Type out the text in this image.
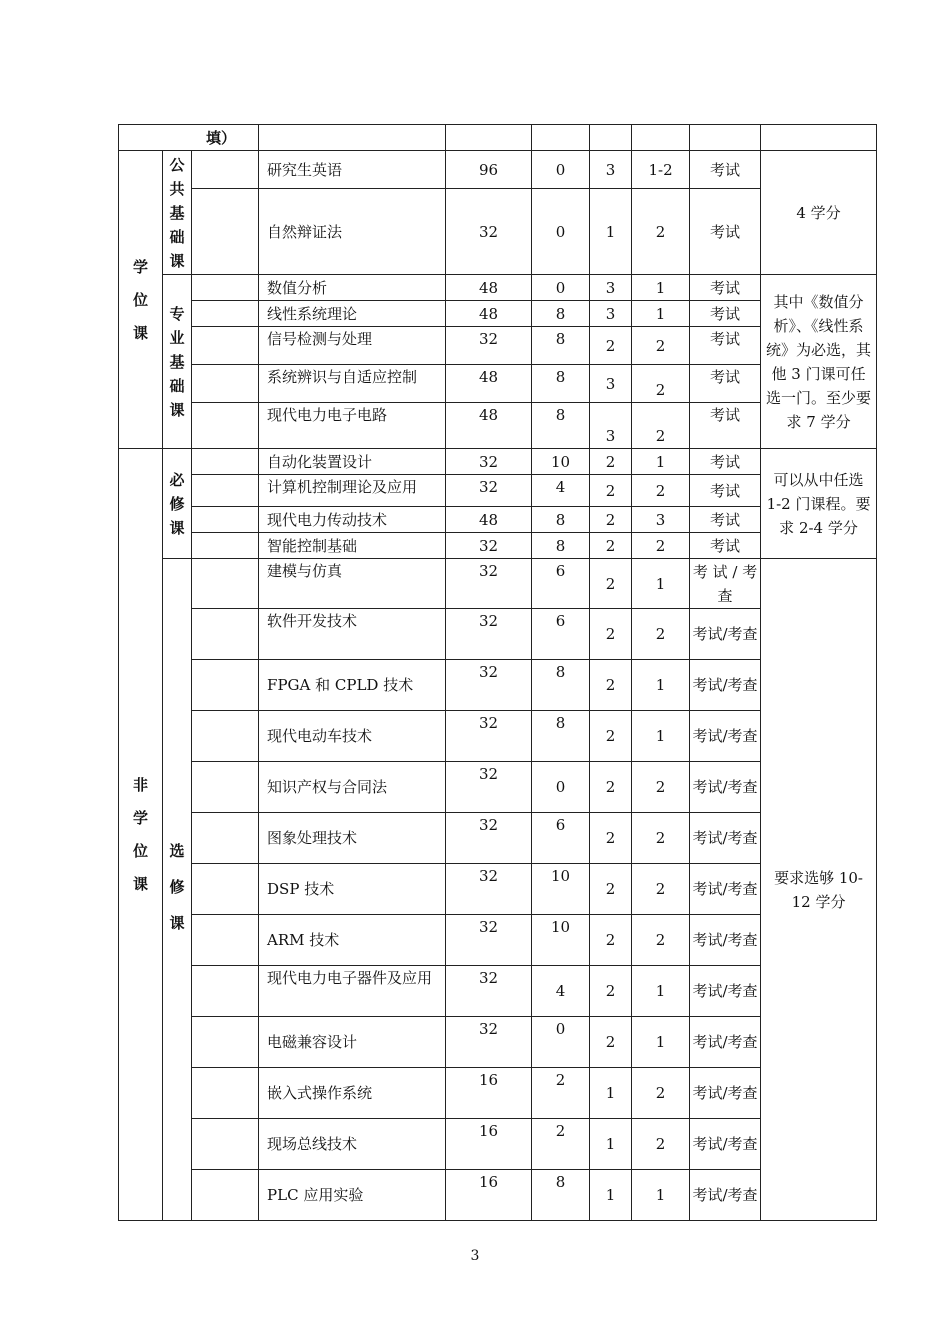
填）									

学
位
课	公
共
基
础
课		研究生英语	96	0	3	1-2	考试	4 学分
			自然辩证法	32	0	1	2	考试	

	专
业
基
础
课		数值分析	48	0	3	1	考试	其中《数值分析》、《线性系统》为必选，其他 3 门课可任选一门。至少要求 7 学分
			线性系统理论	48	8	3	1	考试	
			信号检测与处理	32	8	2	2	考试	
			系统辨识与自适应控制	48	8	3	2	考试	
			现代电力电子电路	48	8	3	2	考试	

非
学
位
课	必
修
课		自动化装置设计	32	10	2	1	考试	可以从中任选 1-2 门课程。要求 2-4 学分
			计算机控制理论及应用	32	4	2	2	考试	
			现代电力传动技术	48	8	2	3	考试	
			智能控制基础	32	8	2	2	考试	

	选
修
课		建模与仿真	32	6	2	1	考 试 / 考查	要求选够 10-12 学分
			软件开发技术	32	6	2	2	考试/考查	
			FPGA 和 CPLD 技术	32	8	2	1	考试/考查	
			现代电动车技术	32	8	2	1	考试/考查	
			知识产权与合同法	32	0	2	2	考试/考查	
			图象处理技术	32	6	2	2	考试/考查	
			DSP 技术	32	10	2	2	考试/考查	
			ARM 技术	32	10	2	2	考试/考查	
			现代电力电子器件及应用	32	4	2	1	考试/考查	
			电磁兼容设计	32	0	2	1	考试/考查	
			嵌入式操作系统	16	2	1	2	考试/考查	
			现场总线技术	16	2	1	2	考试/考查	
			PLC 应用实验	16	8	1	1	考试/考查	
3
